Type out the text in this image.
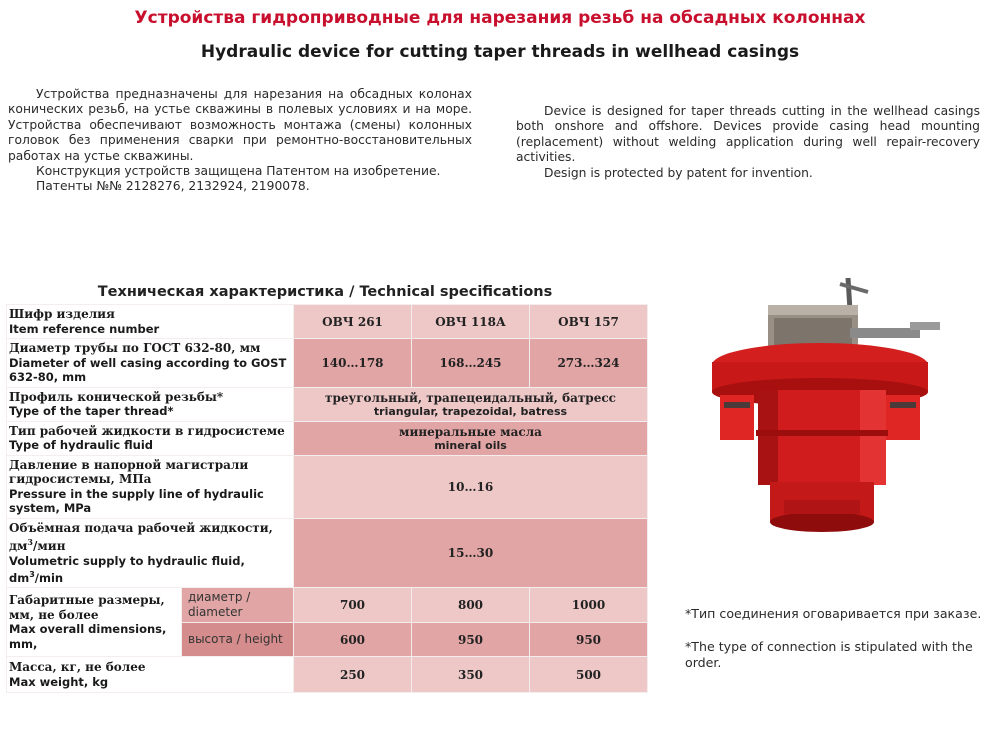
Устройства гидроприводные для нарезания резьб на обсадных колоннах
Hydraulic device for cutting taper threads in wellhead casings

Устройства предназначены для нарезания на обсадных колонах конических резьб, на устье скважины в полевых условиях и на море. Устройства обеспечивают возможность монтажа (смены) колонных головок без применения сварки при ремонтно-восстановительных работах на устье скважины.

Конструкция устройств защищена Патентом на изобретение.

Патенты №№ 2128276, 2132924, 2190078.

Device is designed for taper threads cutting in the wellhead casings both onshore and offshore. Devices provide casing head mounting (replacement) without welding application during well repair-recovery activities.

Design is protected by patent for invention.

Техническая характеристика / Technical specifications
Шифр изделия
Item reference number		ОВЧ 261	ОВЧ 118А	ОВЧ 157

Диаметр трубы по ГОСТ 632-80, мм
Diameter of well casing according to GOST 632-80, mm		140…178	168…245	273…324

Профиль конической резьбы*
Type of the taper thread*		треугольный, трапецеидальный, батресс
triangular, trapezoidal, batress		

Тип рабочей жидкости в гидросистеме
Type of hydraulic fluid		минеральные масла
mineral oils		

Давление в напорной магистрали гидросистемы, МПа
Pressure in the supply line of hydraulic system, MPa		10…16		

Объёмная подача рабочей жидкости, $дм^3$/мин
Volumetric supply to hydraulic fluid, $dm^3/\min$		15…30		

Габаритные размеры, мм, не более
Max overall dimensions, mm,	диаметр / diameter	700	800	1000
	высота / height	600	950	950

Масса, кг, не более
Max weight, kg		250	350	500
*Тип соединения оговаривается при заказе.
*The type of connection is stipulated with the order.
